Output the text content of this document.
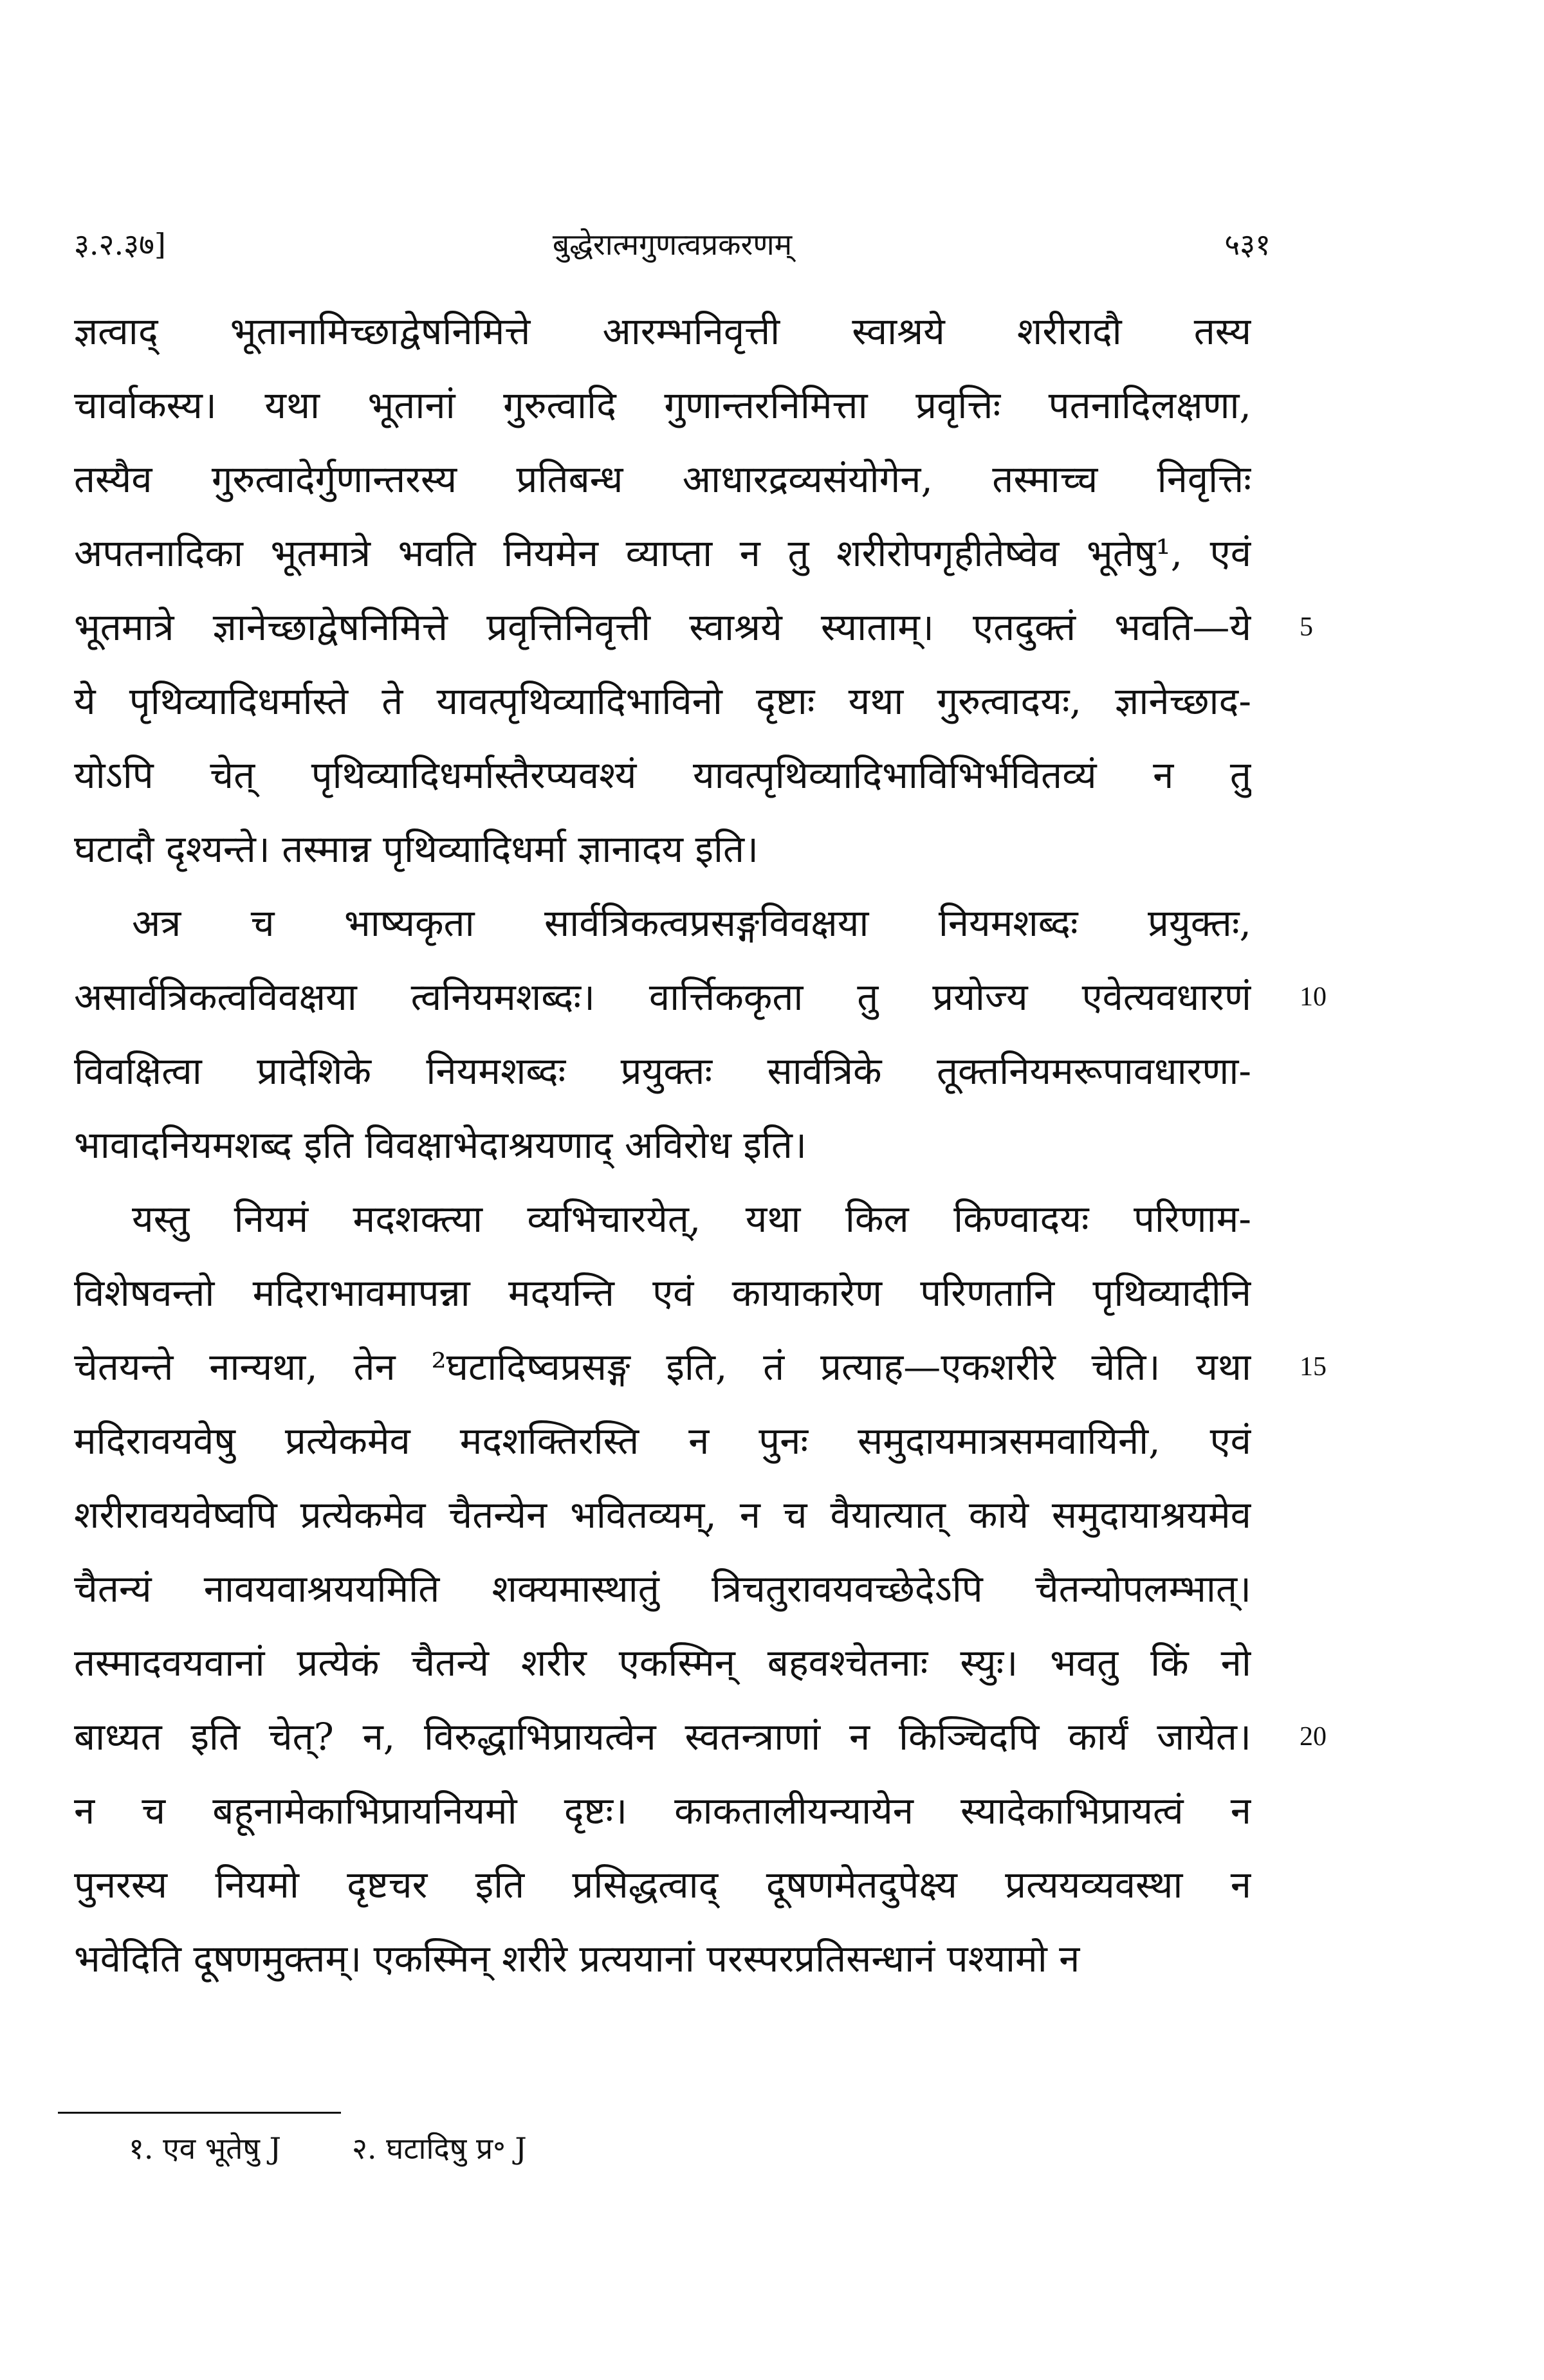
३.२.३७]	बुद्धेरात्मगुणत्वप्रकरणम्	५३१
ज्ञत्वाद् भूतानामिच्छाद्वेषनिमित्ते आरम्भनिवृत्ती स्वाश्रये शरीरादौ तस्य
चार्वाकस्य। यथा भूतानां गुरुत्वादि गुणान्तरनिमित्ता प्रवृत्तिः पतनादिलक्षणा,
तस्यैव गुरुत्वादेर्गुणान्तरस्य प्रतिबन्ध आधारद्रव्यसंयोगेन, तस्माच्च निवृत्तिः
अपतनादिका भूतमात्रे भवति नियमेन व्याप्ता न तु शरीरोपगृहीतेष्वेव भूतेषु¹, एवं
भूतमात्रे ज्ञानेच्छाद्वेषनिमित्ते प्रवृत्तिनिवृत्ती स्वाश्रये स्याताम्। एतदुक्तं भवति—ये
ये पृथिव्यादिधर्मास्ते ते यावत्पृथिव्यादिभाविनो दृष्टाः यथा गुरुत्वादयः, ज्ञानेच्छाद-
योऽपि चेत् पृथिव्यादिधर्मास्तैरप्यवश्यं यावत्पृथिव्यादिभाविभिर्भवितव्यं न तु
घटादौ दृश्यन्ते। तस्मान्न पृथिव्यादिधर्मा ज्ञानादय इति।
अत्र च भाष्यकृता सार्वत्रिकत्वप्रसङ्गविवक्षया नियमशब्दः प्रयुक्तः,
असार्वत्रिकत्वविवक्षया त्वनियमशब्दः। वार्त्तिककृता तु प्रयोज्य एवेत्यवधारणं
विवक्षित्वा प्रादेशिके नियमशब्दः प्रयुक्तः सार्वत्रिके तूक्तनियमरूपावधारणा-
भावादनियमशब्द इति विवक्षाभेदाश्रयणाद् अविरोध इति।
यस्तु नियमं मदशक्त्या व्यभिचारयेत्, यथा किल किण्वादयः परिणाम-
विशेषवन्तो मदिराभावमापन्ना मदयन्ति एवं कायाकारेण परिणतानि पृथिव्यादीनि
चेतयन्ते नान्यथा, तेन ²घटादिष्वप्रसङ्ग इति, तं प्रत्याह—एकशरीरे चेति। यथा
मदिरावयवेषु प्रत्येकमेव मदशक्तिरस्ति न पुनः समुदायमात्रसमवायिनी, एवं
शरीरावयवेष्वपि प्रत्येकमेव चैतन्येन भवितव्यम्, न च वैयात्यात् काये समुदायाश्रयमेव
चैतन्यं नावयवाश्रययमिति शक्यमास्थातुं त्रिचतुरावयवच्छेदेऽपि चैतन्योपलम्भात्।
तस्मादवयवानां प्रत्येकं चैतन्ये शरीर एकस्मिन् बहवश्चेतनाः स्युः। भवतु किं नो
बाध्यत इति चेत्? न, विरुद्धाभिप्रायत्वेन स्वतन्त्राणां न किञ्चिदपि कार्यं जायेत।
न च बहूनामेकाभिप्रायनियमो दृष्टः। काकतालीयन्यायेन स्यादेकाभिप्रायत्वं न
पुनरस्य नियमो दृष्टचर इति प्रसिद्धत्वाद् दूषणमेतदुपेक्ष्य प्रत्ययव्यवस्था न
भवेदिति दूषणमुक्तम्। एकस्मिन् शरीरे प्रत्ययानां परस्परप्रतिसन्धानं पश्यामो न
5
10
15
20
१. एव भूतेषु J २. घटादिषु प्र॰ J
